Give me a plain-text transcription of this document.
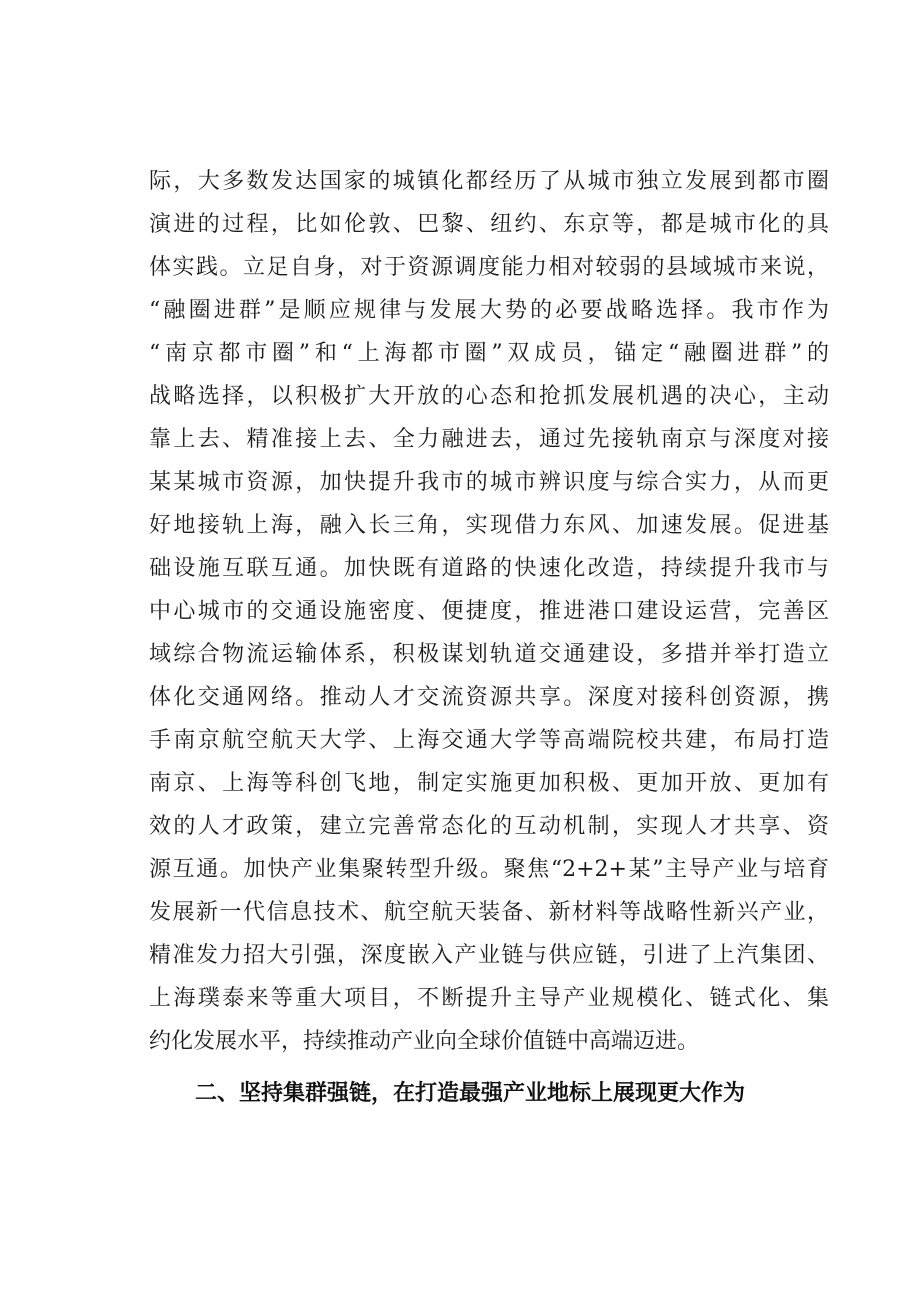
际，大多数发达国家的城镇化都经历了从城市独立发展到都市圈
演进的过程，比如伦敦、巴黎、纽约、东京等，都是城市化的具
体实践。立足自身，对于资源调度能力相对较弱的县域城市来说，
“融圈进群”是顺应规律与发展大势的必要战略选择。我市作为
“南京都市圈”和“上海都市圈”双成员，锚定“融圈进群”的
战略选择，以积极扩大开放的心态和抢抓发展机遇的决心，主动
靠上去、精准接上去、全力融进去，通过先接轨南京与深度对接
某某城市资源，加快提升我市的城市辨识度与综合实力，从而更
好地接轨上海，融入长三角，实现借力东风、加速发展。促进基
础设施互联互通。加快既有道路的快速化改造，持续提升我市与
中心城市的交通设施密度、便捷度，推进港口建设运营，完善区
域综合物流运输体系，积极谋划轨道交通建设，多措并举打造立
体化交通网络。推动人才交流资源共享。深度对接科创资源，携
手南京航空航天大学、上海交通大学等高端院校共建，布局打造
南京、上海等科创飞地，制定实施更加积极、更加开放、更加有
效的人才政策，建立完善常态化的互动机制，实现人才共享、资
源互通。加快产业集聚转型升级。聚焦“2+2+某”主导产业与培育
发展新一代信息技术、航空航天装备、新材料等战略性新兴产业，
精准发力招大引强，深度嵌入产业链与供应链，引进了上汽集团、
上海璞泰来等重大项目，不断提升主导产业规模化、链式化、集
约化发展水平，持续推动产业向全球价值链中高端迈进。
二、坚持集群强链，在打造最强产业地标上展现更大作为
